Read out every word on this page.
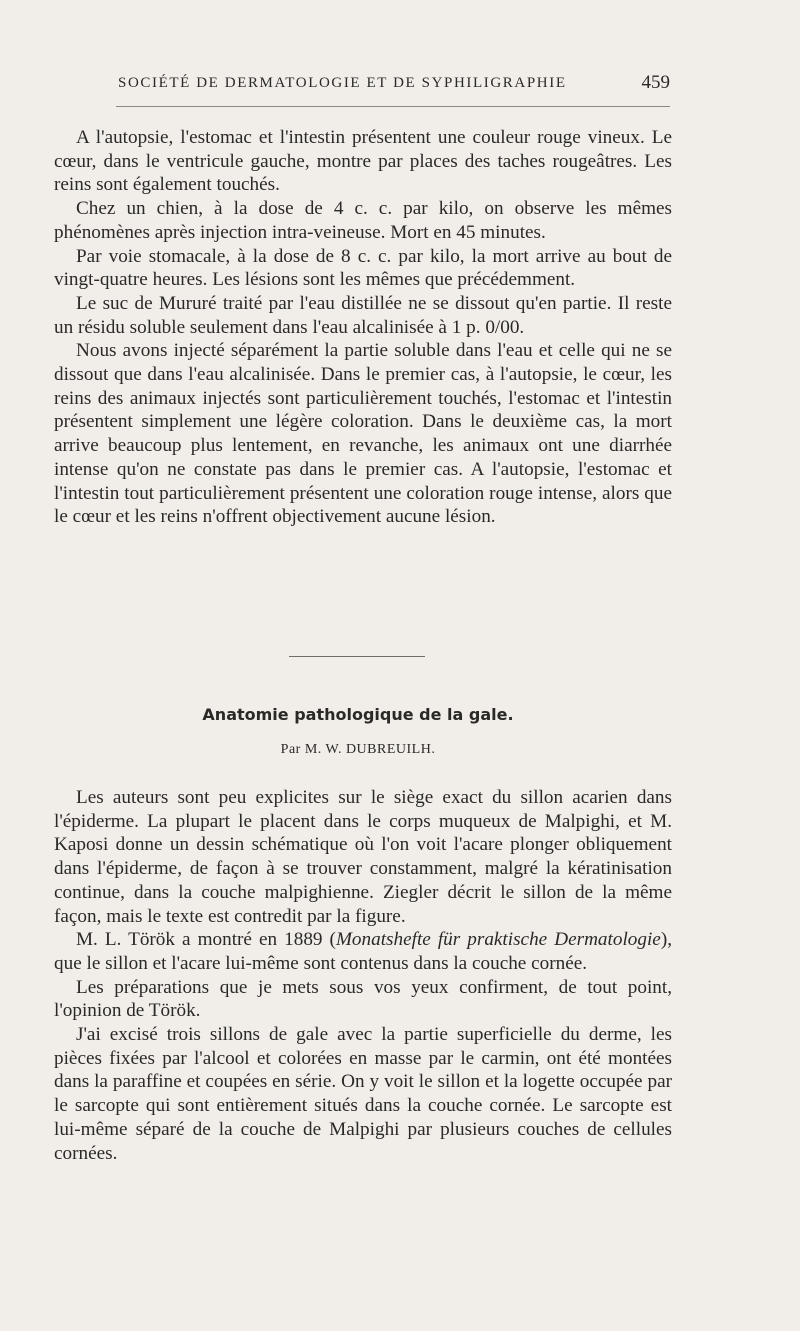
SOCIÉTÉ DE DERMATOLOGIE ET DE SYPHILIGRAPHIE	459

A l'autopsie, l'estomac et l'intestin présentent une couleur rouge vineux. Le cœur, dans le ventricule gauche, montre par places des taches rougeâtres. Les reins sont également touchés.

Chez un chien, à la dose de 4 c. c. par kilo, on observe les mêmes phénomènes après injection intra-veineuse. Mort en 45 minutes.

Par voie stomacale, à la dose de 8 c. c. par kilo, la mort arrive au bout de vingt-quatre heures. Les lésions sont les mêmes que précédemment.

Le suc de Mururé traité par l'eau distillée ne se dissout qu'en partie. Il reste un résidu soluble seulement dans l'eau alcalinisée à 1 p. 0/00.

Nous avons injecté séparément la partie soluble dans l'eau et celle qui ne se dissout que dans l'eau alcalinisée. Dans le premier cas, à l'autopsie, le cœur, les reins des animaux injectés sont particulièrement touchés, l'estomac et l'intestin présentent simplement une légère coloration. Dans le deuxième cas, la mort arrive beaucoup plus lentement, en revanche, les animaux ont une diarrhée intense qu'on ne constate pas dans le premier cas. A l'autopsie, l'estomac et l'intestin tout particulièrement présentent une coloration rouge intense, alors que le cœur et les reins n'offrent objectivement aucune lésion.

Anatomie pathologique de la gale.
Par M. W. DUBREUILH.

Les auteurs sont peu explicites sur le siège exact du sillon acarien dans l'épiderme. La plupart le placent dans le corps muqueux de Malpighi, et M. Kaposi donne un dessin schématique où l'on voit l'acare plonger obliquement dans l'épiderme, de façon à se trouver constamment, malgré la kératinisation continue, dans la couche malpighienne. Ziegler décrit le sillon de la même façon, mais le texte est contredit par la figure.

M. L. Török a montré en 1889 (Monatshefte für praktische Dermatologie), que le sillon et l'acare lui-même sont contenus dans la couche cornée.

Les préparations que je mets sous vos yeux confirment, de tout point, l'opinion de Török.

J'ai excisé trois sillons de gale avec la partie superficielle du derme, les pièces fixées par l'alcool et colorées en masse par le carmin, ont été montées dans la paraffine et coupées en série. On y voit le sillon et la logette occupée par le sarcopte qui sont entièrement situés dans la couche cornée. Le sarcopte est lui-même séparé de la couche de Malpighi par plusieurs couches de cellules cornées.
